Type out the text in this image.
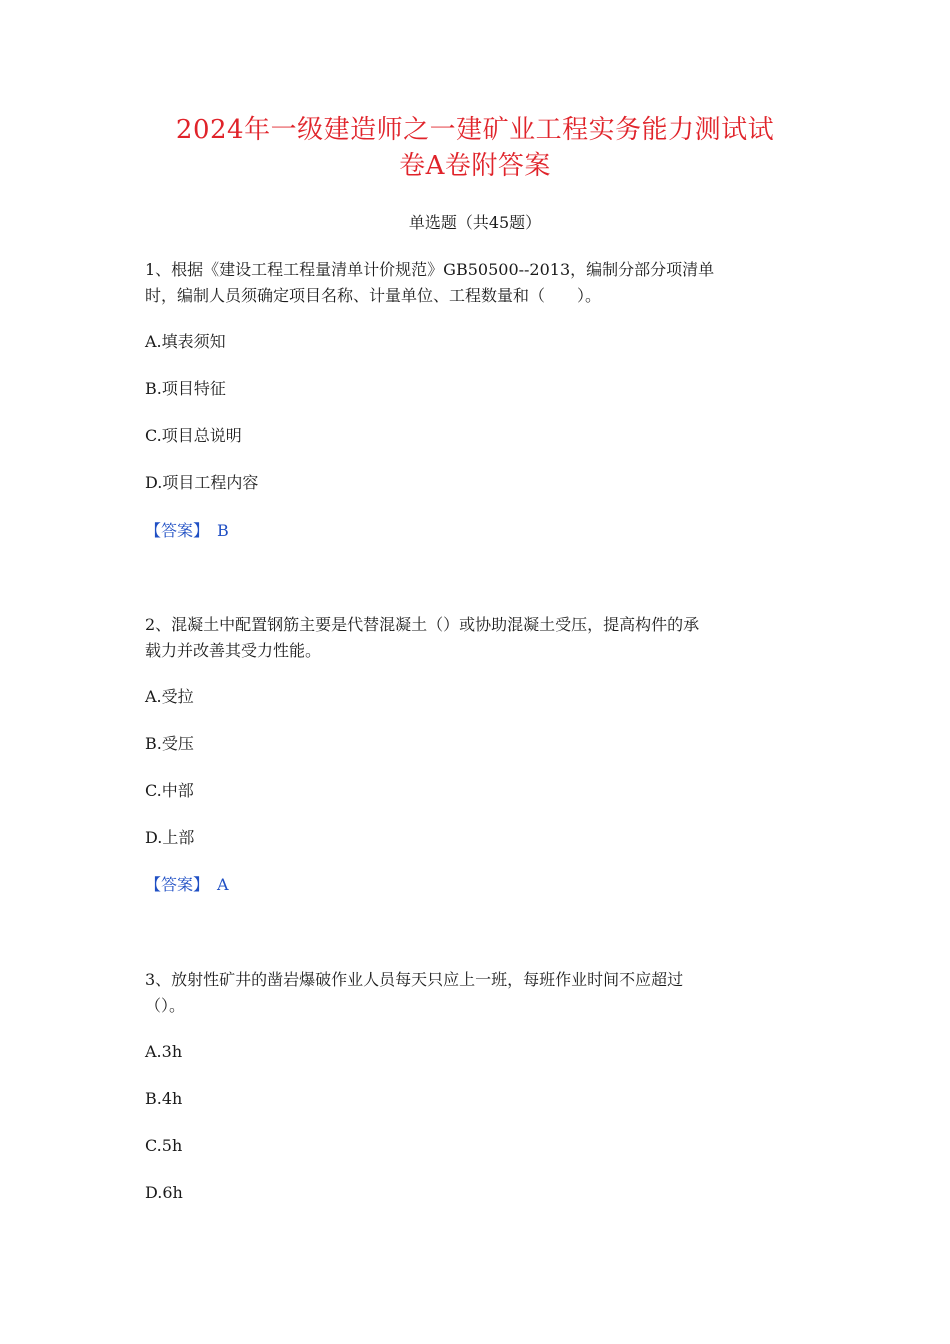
2024年一级建造师之一建矿业工程实务能力测试试
卷A卷附答案
单选题（共45题）
1、根据《建设工程工程量清单计价规范》GB50500--2013，编制分部分项清单
时，编制人员须确定项目名称、计量单位、工程数量和（　　）。
A.填表须知
B.项目特征
C.项目总说明
D.项目工程内容
【答案】 B
2、混凝土中配置钢筋主要是代替混凝土（）或协助混凝土受压，提高构件的承
载力并改善其受力性能。
A.受拉
B.受压
C.中部
D.上部
【答案】 A
3、放射性矿井的凿岩爆破作业人员每天只应上一班，每班作业时间不应超过
（）。
A.3h
B.4h
C.5h
D.6h
